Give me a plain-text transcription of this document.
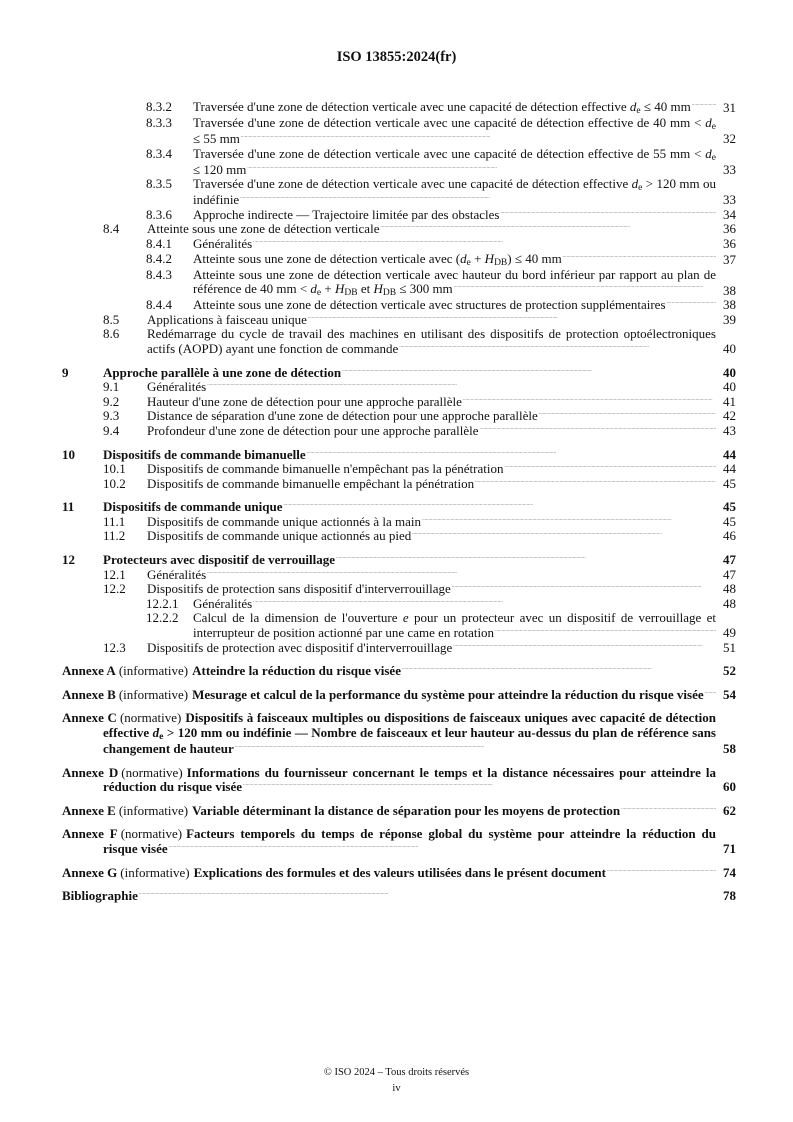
ISO 13855:2024(fr)
8.3.2	Traversée d'une zone de détection verticale avec une capacité de détection effective $d_e \le 40$ mm . . .	31
8.3.3	Traversée d'une zone de détection verticale avec une capacité de détection effective de 40 mm < $d_e \le 55$ mm . . .	32
8.3.4	Traversée d'une zone de détection verticale avec une capacité de détection effective de 55 mm < $d_e \le 120$ mm . . .	33
8.3.5	Traversée d'une zone de détection verticale avec une capacité de détection effective $d_e > 120$ mm ou indéfinie . . .	33
8.3.6	Approche indirecte — Trajectoire limitée par des obstacles . . .	34
8.4	Atteinte sous une zone de détection verticale . . .	36
8.4.1	Généralités . . .	36
8.4.2	Atteinte sous une zone de détection verticale avec $(d_e + H_{DB}) \le 40$ mm . . .	37
8.4.3	Atteinte sous une zone de détection verticale avec hauteur du bord inférieur par rapport au plan de référence de 40 mm < $d_e + H_{DB}$ et $H_{DB} \le 300$ mm . . .	38
8.4.4	Atteinte sous une zone de détection verticale avec structures de protection supplémentaires . . .	38
8.5	Applications à faisceau unique . . .	39
8.6	Redémarrage du cycle de travail des machines en utilisant des dispositifs de protection optoélectroniques actifs (AOPD) ayant une fonction de commande . . .	40
9	Approche parallèle à une zone de détection . . .	40
9.1	Généralités . . .	40
9.2	Hauteur d'une zone de détection pour une approche parallèle . . .	41
9.3	Distance de séparation d'une zone de détection pour une approche parallèle . . .	42
9.4	Profondeur d'une zone de détection pour une approche parallèle . . .	43
10	Dispositifs de commande bimanuelle . . .	44
10.1	Dispositifs de commande bimanuelle n'empêchant pas la pénétration . . .	44
10.2	Dispositifs de commande bimanuelle empêchant la pénétration . . .	45
11	Dispositifs de commande unique . . .	45
11.1	Dispositifs de commande unique actionnés à la main . . .	45
11.2	Dispositifs de commande unique actionnés au pied . . .	46
12	Protecteurs avec dispositif de verrouillage . . .	47
12.1	Généralités . . .	47
12.2	Dispositifs de protection sans dispositif d'interverrouillage . . .	48
12.2.1	Généralités . . .	48
12.2.2	Calcul de la dimension de l'ouverture e pour un protecteur avec un dispositif de verrouillage et interrupteur de position actionné par une came en rotation . . .	49
12.3	Dispositifs de protection avec dispositif d'interverrouillage . . .	51
Annexe A (informative) Atteindre la réduction du risque visée . . .	52
Annexe B (informative) Mesurage et calcul de la performance du système pour atteindre la réduction du risque visée . . .	54
Annexe C (normative) Dispositifs à faisceaux multiples ou dispositions de faisceaux uniques avec capacité de détection effective $d_e > 120$ mm ou indéfinie — Nombre de faisceaux et leur hauteur au-dessus du plan de référence sans changement de hauteur . . .	58
Annexe D (normative) Informations du fournisseur concernant le temps et la distance nécessaires pour atteindre la réduction du risque visée . . .	60
Annexe E (informative) Variable déterminant la distance de séparation pour les moyens de protection . . .	62
Annexe F (normative) Facteurs temporels du temps de réponse global du système pour atteindre la réduction du risque visée . . .	71
Annexe G (informative) Explications des formules et des valeurs utilisées dans le présent document . . .	74
Bibliographie . . .	78
© ISO 2024 – Tous droits réservés
iv
